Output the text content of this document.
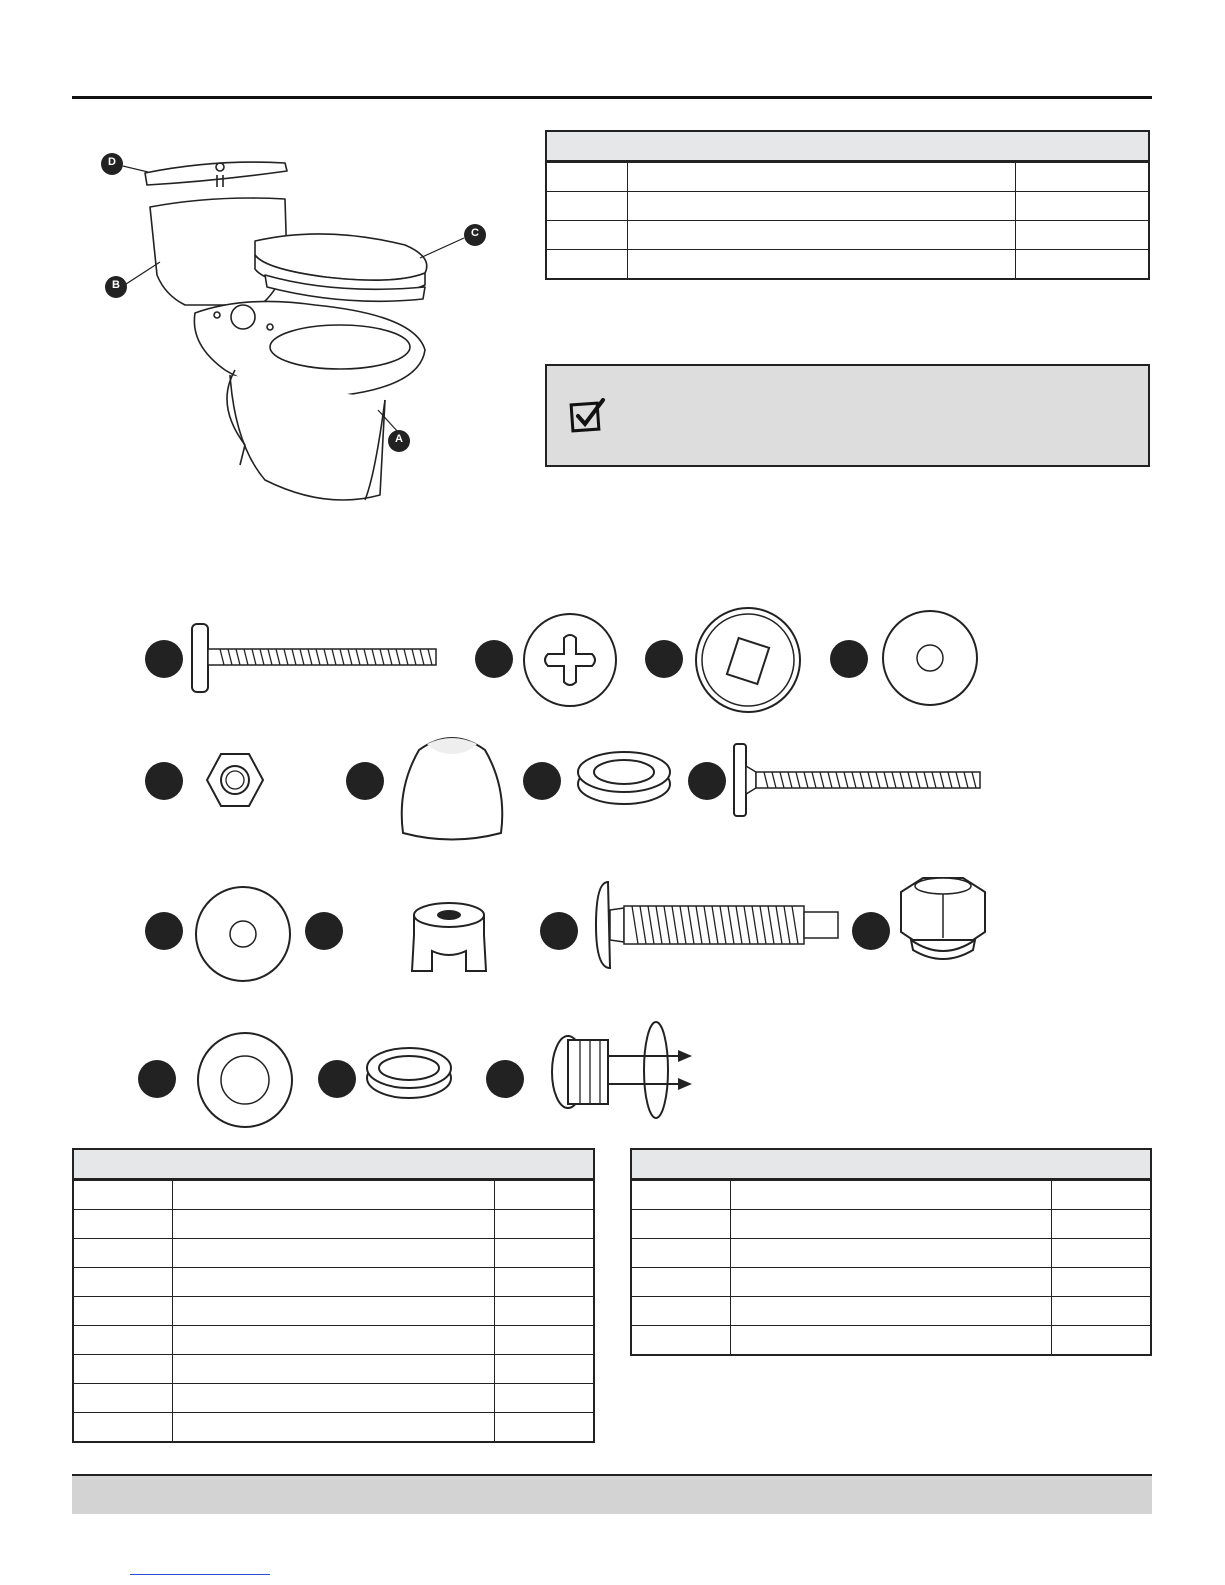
D
C
B
A
